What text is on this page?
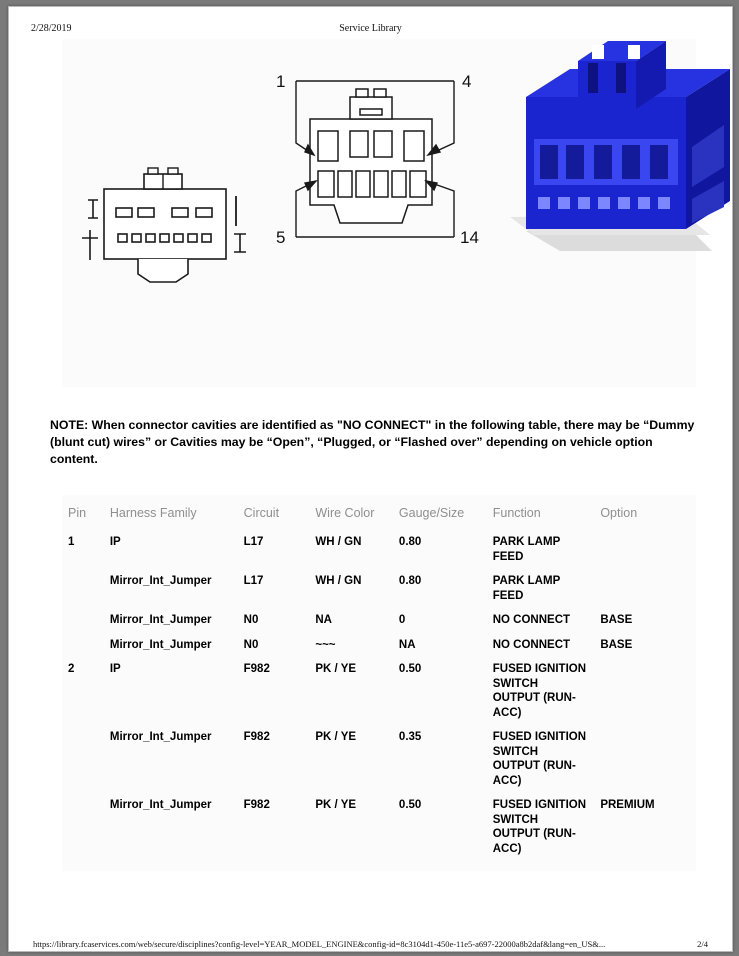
2/28/2019	Service Library
1	4
5	14
NOTE: When connector cavities are identified as "NO CONNECT" in the following table, there may be “Dummy (blunt cut) wires” or Cavities may be “Open”, “Plugged, or “Flashed over” depending on vehicle option content.
Pin	Harness Family	Circuit	Wire Color	Gauge/Size	Function	Option
1	IP	L17	WH / GN	0.80	PARK LAMP FEED	
	Mirror_Int_Jumper	L17	WH / GN	0.80	PARK LAMP FEED	
	Mirror_Int_Jumper	N0	NA	0	NO CONNECT	BASE
	Mirror_Int_Jumper	N0	~~~	NA	NO CONNECT	BASE
2	IP	F982	PK / YE	0.50	FUSED IGNITION SWITCH OUTPUT (RUN-ACC)	
	Mirror_Int_Jumper	F982	PK / YE	0.35	FUSED IGNITION SWITCH OUTPUT (RUN-ACC)	
	Mirror_Int_Jumper	F982	PK / YE	0.50	FUSED IGNITION SWITCH OUTPUT (RUN-ACC)	PREMIUM
https://library.fcaservices.com/web/secure/disciplines?config-level=YEAR_MODEL_ENGINE&config-id=8c3104d1-450e-11e5-a697-22000a8b2daf&lang=en_US&...	2/4
